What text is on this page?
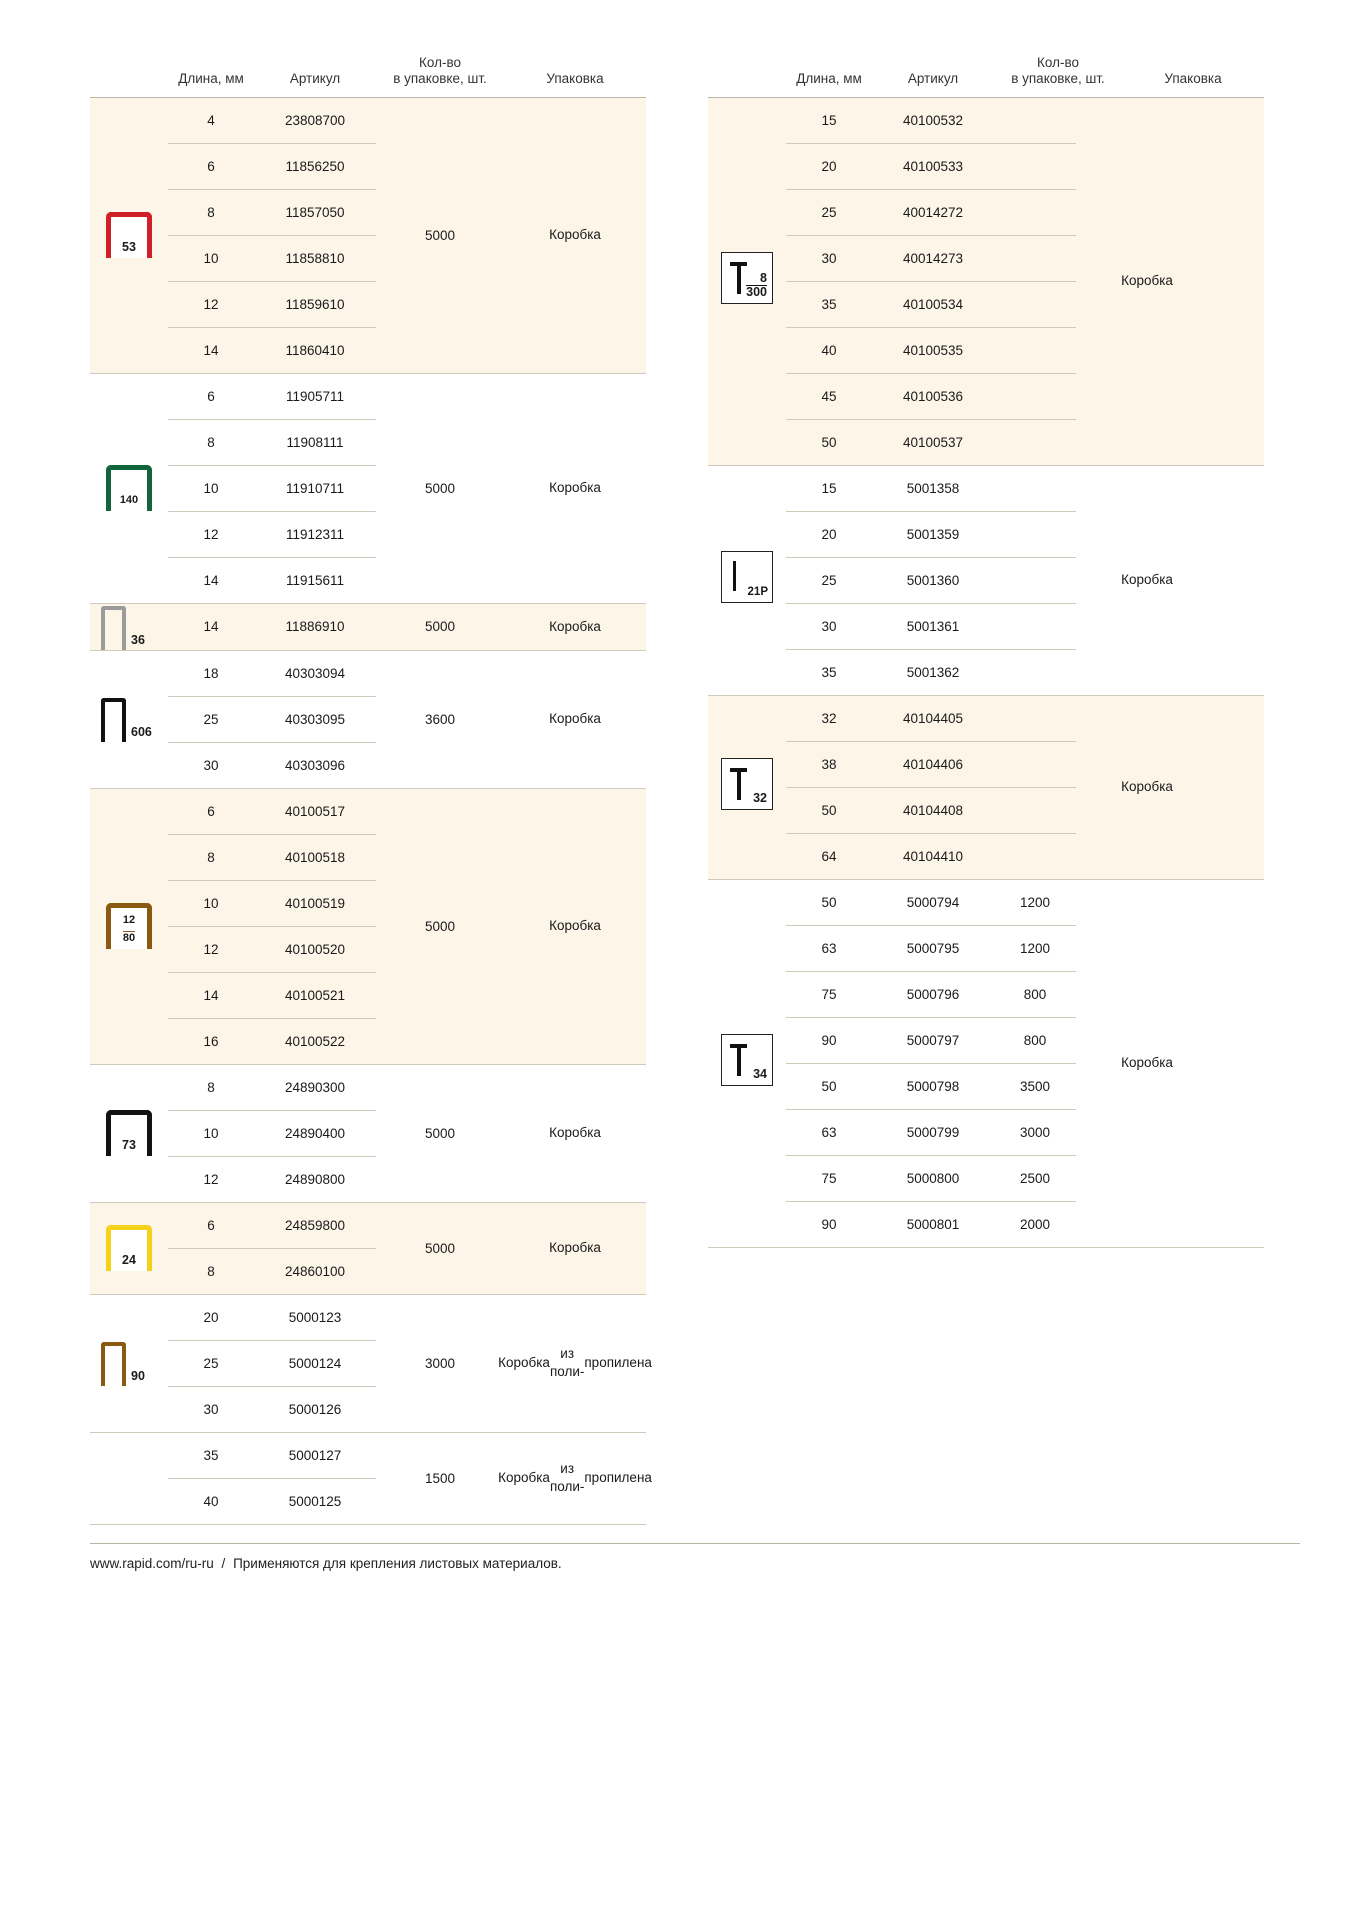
	Длина, мм	Артикул	Кол-во
в упаковке, шт.	Упаковка
53
4	23808700
6	11856250
8	11857050
10	11858810
12	11859610
14	11860410
5000	Коробка
140
6	11905711
8	11908111
10	11910711
12	11912311
14	11915611
5000	Коробка
36
14	11886910	5000	Коробка
606
18	40303094
25	40303095
30	40303096
3600	Коробка
12
80
6	40100517
8	40100518
10	40100519
12	40100520
14	40100521
16	40100522
5000	Коробка
73
8	24890300
10	24890400
12	24890800
5000	Коробка
24
6	24859800
8	24860100
5000	Коробка
90
20	5000123
25	5000124
30	5000126
3000	Коробка

из поли-

пропилена
35	5000127
40	5000125
1500	Коробка

из поли-

пропилена
	Длина, мм	Артикул	Кол-во
в упаковке, шт.	Упаковка
8
300
15	40100532
20	40100533
25	40014272
30	40014273
35	40100534
40	40100535
45	40100536
50	40100537
Коробка
21P
15	5001358
20	5001359
25	5001360
30	5001361
35	5001362
Коробка
32
32	40104405
38	40104406
50	40104408
64	40104410
Коробка
34
50	5000794	1200
63	5000795	1200
75	5000796	800
90	5000797	800
50	5000798	3500
63	5000799	3000
75	5000800	2500
90	5000801	2000
Коробка
www.rapid.com/ru-ru / Применяются для крепления листовых материалов.
